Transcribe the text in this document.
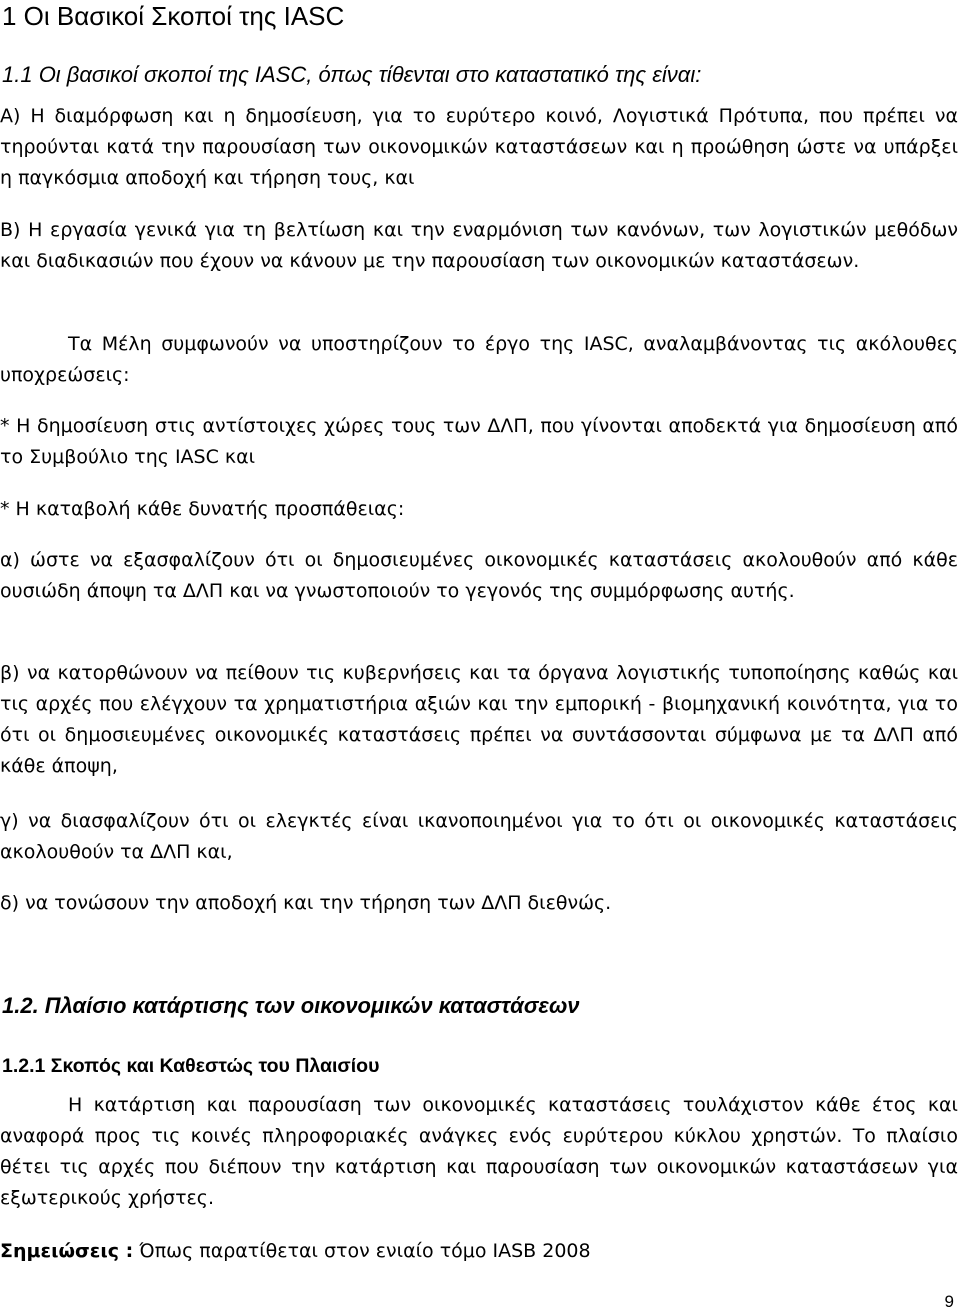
1 Οι Βασικοί Σκοποί της IASC
1.1 Οι βασικοί σκοποί της IASC, όπως τίθενται στο καταστατικό της είναι:
Α) Η διαμόρφωση και η δημοσίευση, για το ευρύτερο κοινό, Λογιστικά Πρότυπα, που πρέπει να τηρούνται κατά την παρουσίαση των οικονομικών καταστάσεων και η προώθηση ώστε να υπάρξει η παγκόσμια αποδοχή και τήρηση τους, και
Β) Η εργασία γενικά για τη βελτίωση και την εναρμόνιση των κανόνων, των λογιστικών μεθόδων και διαδικασιών που έχουν να κάνουν με την παρουσίαση των οικονομικών καταστάσεων.
Τα Μέλη συμφωνούν να υποστηρίζουν το έργο της IASC, αναλαμβάνοντας τις ακόλουθες υποχρεώσεις:
* Η δημοσίευση στις αντίστοιχες χώρες τους των ΔΛΠ, που γίνονται αποδεκτά για δημοσίευση από το Συμβούλιο της IASC και
* Η καταβολή κάθε δυνατής προσπάθειας:
α) ώστε να εξασφαλίζουν ότι οι δημοσιευμένες οικονομικές καταστάσεις ακολουθούν από κάθε ουσιώδη άποψη τα ΔΛΠ και να γνωστοποιούν το γεγονός της συμμόρφωσης αυτής.
β) να κατορθώνουν να πείθουν τις κυβερνήσεις και τα όργανα λογιστικής τυποποίησης καθώς και τις αρχές που ελέγχουν τα χρηματιστήρια αξιών και την εμπορική - βιομηχανική κοινότητα, για το ότι οι δημοσιευμένες οικονομικές καταστάσεις πρέπει να συντάσσονται σύμφωνα με τα ΔΛΠ από κάθε άποψη,
γ) να διασφαλίζουν ότι οι ελεγκτές είναι ικανοποιημένοι για το ότι οι οικονομικές καταστάσεις ακολουθούν τα ΔΛΠ και,
δ) να τονώσουν την αποδοχή και την τήρηση των ΔΛΠ διεθνώς.
1.2. Πλαίσιο κατάρτισης των οικονομικών καταστάσεων
1.2.1 Σκοπός και Καθεστώς του Πλαισίου
Η κατάρτιση και παρουσίαση των οικονομικές καταστάσεις τουλάχιστον κάθε έτος και αναφορά προς τις κοινές πληροφοριακές ανάγκες ενός ευρύτερου κύκλου χρηστών. Το πλαίσιο θέτει τις αρχές που διέπουν την κατάρτιση και παρουσίαση των οικονομικών καταστάσεων για εξωτερικούς χρήστες.
Σημειώσεις : Όπως παρατίθεται στον ενιαίο τόμο IASB 2008
9
